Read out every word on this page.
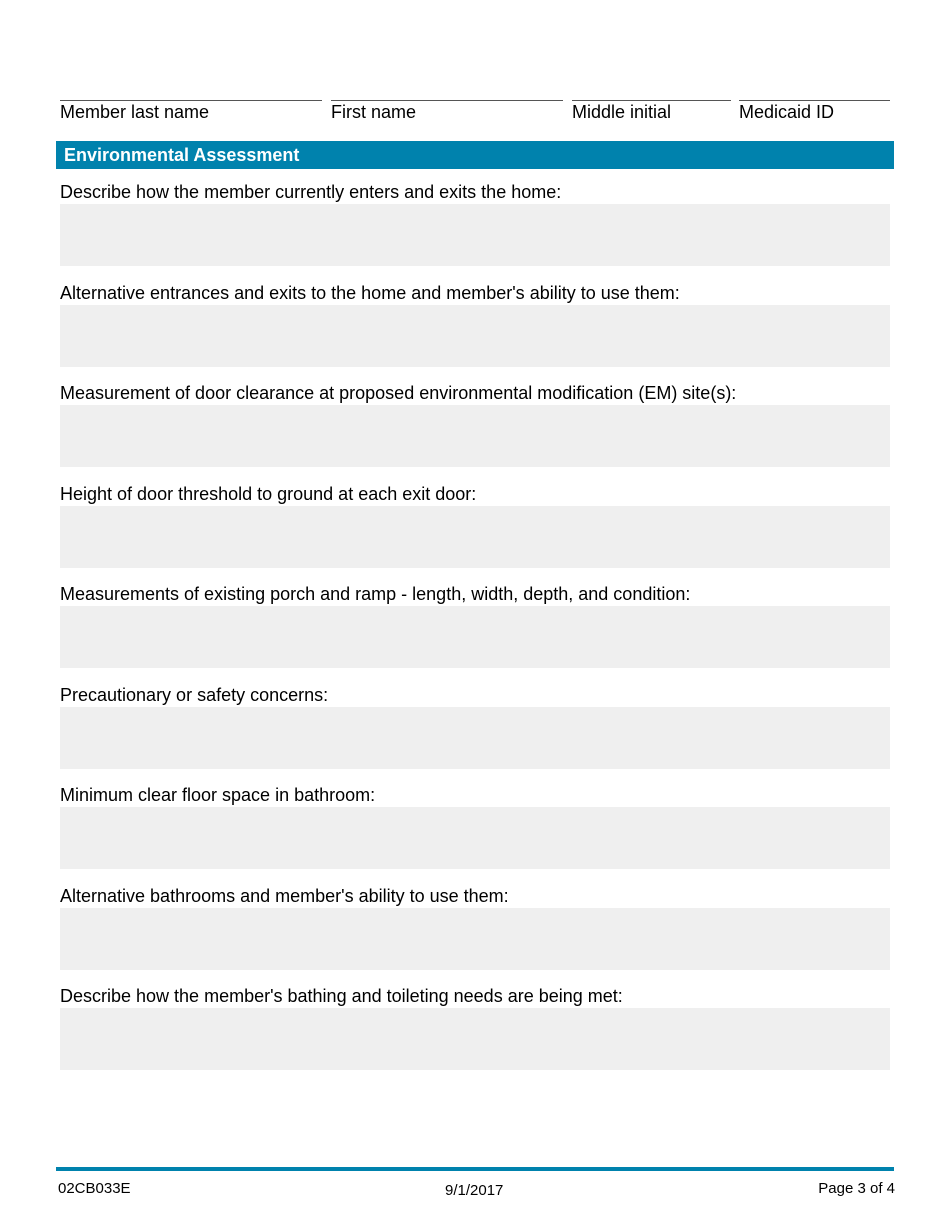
Member last name	First name	Middle initial	Medicaid ID
Environmental Assessment
Describe how the member currently enters and exits the home:
Alternative entrances and exits to the home and member's ability to use them:
Measurement of door clearance at proposed environmental modification (EM) site(s):
Height of door threshold to ground at each exit door:
Measurements of existing porch and ramp - length, width, depth, and condition:
Precautionary or safety concerns:
Minimum clear floor space in bathroom:
Alternative bathrooms and member's ability to use them:
Describe how the member's bathing and toileting needs are being met:
02CB033E	9/1/2017	Page 3 of 4
